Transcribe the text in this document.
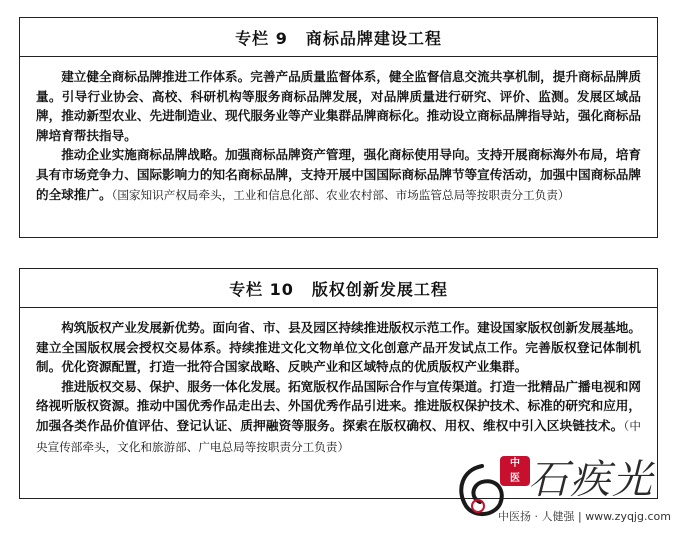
专栏 9 商标品牌建设工程

建立健全商标品牌推进工作体系。完善产品质量监督体系，健全监督信息交流共享机制，提升商标品牌质量。引导行业协会、高校、科研机构等服务商标品牌发展，对品牌质量进行研究、评价、监测。发展区域品牌，推动新型农业、先进制造业、现代服务业等产业集群品牌商标化。推动设立商标品牌指导站，强化商标品牌培育帮扶指导。

推动企业实施商标品牌战略。加强商标品牌资产管理，强化商标使用导向。支持开展商标海外布局，培育具有市场竞争力、国际影响力的知名商标品牌，支持开展中国国际商标品牌节等宣传活动，加强中国商标品牌的全球推广。（国家知识产权局牵头，工业和信息化部、农业农村部、市场监管总局等按职责分工负责）

专栏 10 版权创新发展工程

构筑版权产业发展新优势。面向省、市、县及园区持续推进版权示范工作。建设国家版权创新发展基地。建立全国版权展会授权交易体系。持续推进文化文物单位文化创意产品开发试点工作。完善版权登记体制机制。优化资源配置，打造一批符合国家战略、反映产业和区域特点的优质版权产业集群。

推进版权交易、保护、服务一体化发展。拓宽版权作品国际合作与宣传渠道。打造一批精品广播电视和网络视听版权资源。推动中国优秀作品走出去、外国优秀作品引进来。推进版权保护技术、标准的研究和应用，加强各类作品价值评估、登记认证、质押融资等服务。探索在版权确权、用权、维权中引入区块链技术。（中央宣传部牵头，文化和旅游部、广电总局等按职责分工负责）

中
医 石疾光
中医扬 · 人健强 | www.zyqjg.com
